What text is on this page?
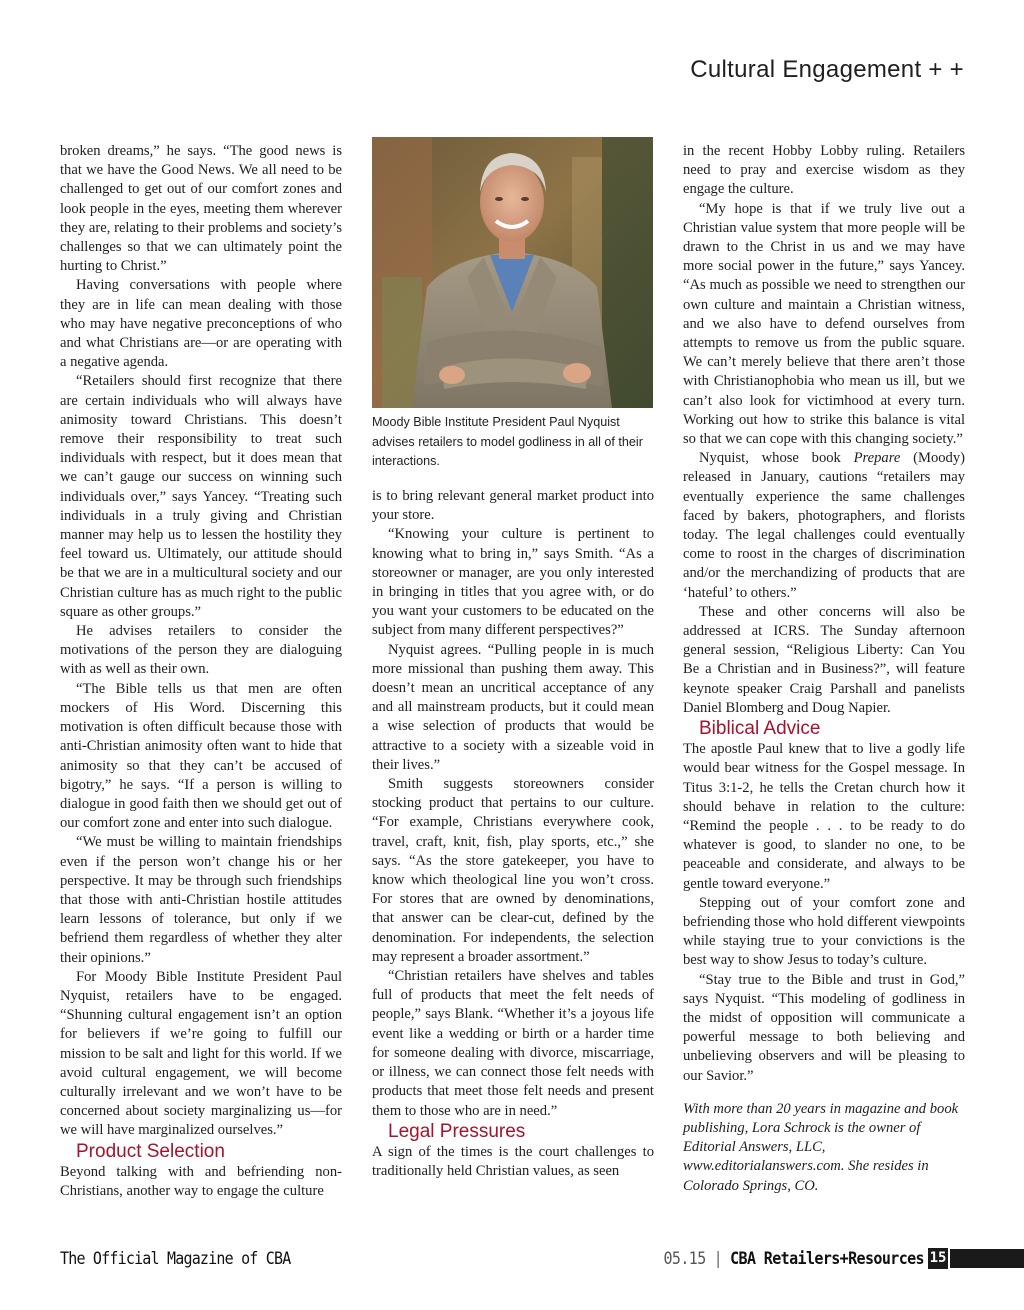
Cultural Engagement + +

broken dreams,” he says. “The good news is that we have the Good News. We all need to be challenged to get out of our comfort zones and look people in the eyes, meeting them wherever they are, relating to their problems and society’s challenges so that we can ultimately point the hurting to Christ.”

Having conversations with people where they are in life can mean dealing with those who may have negative preconceptions of who and what Christians are—or are operating with a negative agenda.

“Retailers should first recognize that there are certain individuals who will always have animosity toward Christians. This doesn’t remove their responsibility to treat such individuals with respect, but it does mean that we can’t gauge our success on winning such individuals over,” says Yancey. “Treating such individuals in a truly giving and Christian manner may help us to lessen the hostility they feel toward us. Ultimately, our attitude should be that we are in a multicultural society and our Christian culture has as much right to the public square as other groups.”

He advises retailers to consider the motivations of the person they are dialoguing with as well as their own.

“The Bible tells us that men are often mockers of His Word. Discerning this motivation is often difficult because those with anti-Christian animosity often want to hide that animosity so that they can’t be accused of bigotry,” he says. “If a person is willing to dialogue in good faith then we should get out of our comfort zone and enter into such dialogue.

“We must be willing to maintain friendships even if the person won’t change his or her perspective. It may be through such friendships that those with anti-Christian hostile attitudes learn lessons of tolerance, but only if we befriend them regardless of whether they alter their opinions.”

For Moody Bible Institute President Paul Nyquist, retailers have to be engaged. “Shunning cultural engagement isn’t an option for believers if we’re going to fulfill our mission to be salt and light for this world. If we avoid cultural engagement, we will become culturally irrelevant and we won’t have to be concerned about society marginalizing us—for we will have marginalized ourselves.”

Product Selection

Beyond talking with and befriending non-Christians, another way to engage the culture

Moody Bible Institute President Paul Nyquist advises retailers to model godliness in all of their interactions.

is to bring relevant general market product into your store.

“Knowing your culture is pertinent to knowing what to bring in,” says Smith. “As a storeowner or manager, are you only interested in bringing in titles that you agree with, or do you want your customers to be educated on the subject from many different perspectives?”

Nyquist agrees. “Pulling people in is much more missional than pushing them away. This doesn’t mean an uncritical acceptance of any and all mainstream products, but it could mean a wise selection of products that would be attractive to a society with a sizeable void in their lives.”

Smith suggests storeowners consider stocking product that pertains to our culture. “For example, Christians everywhere cook, travel, craft, knit, fish, play sports, etc.,” she says. “As the store gatekeeper, you have to know which theological line you won’t cross. For stores that are owned by denominations, that answer can be clear-cut, defined by the denomination. For independents, the selection may represent a broader assortment.”

“Christian retailers have shelves and tables full of products that meet the felt needs of people,” says Blank. “Whether it’s a joyous life event like a wedding or birth or a harder time for someone dealing with divorce, miscarriage, or illness, we can connect those felt needs with products that meet those felt needs and present them to those who are in need.”

Legal Pressures

A sign of the times is the court challenges to traditionally held Christian values, as seen

in the recent Hobby Lobby ruling. Retailers need to pray and exercise wisdom as they engage the culture.

“My hope is that if we truly live out a Christian value system that more people will be drawn to the Christ in us and we may have more social power in the future,” says Yancey. “As much as possible we need to strengthen our own culture and maintain a Christian witness, and we also have to defend ourselves from attempts to remove us from the public square. We can’t merely believe that there aren’t those with Christianophobia who mean us ill, but we can’t also look for victimhood at every turn. Working out how to strike this balance is vital so that we can cope with this changing society.”

Nyquist, whose book Prepare (Moody) released in January, cautions “retailers may eventually experience the same challenges faced by bakers, photographers, and florists today. The legal challenges could eventually come to roost in the charges of discrimination and/or the merchandizing of products that are ‘hateful’ to others.”

These and other concerns will also be addressed at ICRS. The Sunday afternoon general session, “Religious Liberty: Can You Be a Christian and in Business?”, will feature keynote speaker Craig Parshall and panelists Daniel Blomberg and Doug Napier.

Biblical Advice

The apostle Paul knew that to live a godly life would bear witness for the Gospel message. In Titus 3:1-2, he tells the Cretan church how it should behave in relation to the culture: “Remind the people . . . to be ready to do whatever is good, to slander no one, to be peaceable and considerate, and always to be gentle toward everyone.”

Stepping out of your comfort zone and befriending those who hold different viewpoints while staying true to your convictions is the best way to show Jesus to today’s culture.

“Stay true to the Bible and trust in God,” says Nyquist. “This modeling of godliness in the midst of opposition will communicate a powerful message to both believing and unbelieving observers and will be pleasing to our Savior.”

With more than 20 years in magazine and book publishing, Lora Schrock is the owner of Editorial Answers, LLC, www.editorialanswers.com. She resides in Colorado Springs, CO.

The Official Magazine of CBA	05.15 | CBA Retailers+Resources 15
